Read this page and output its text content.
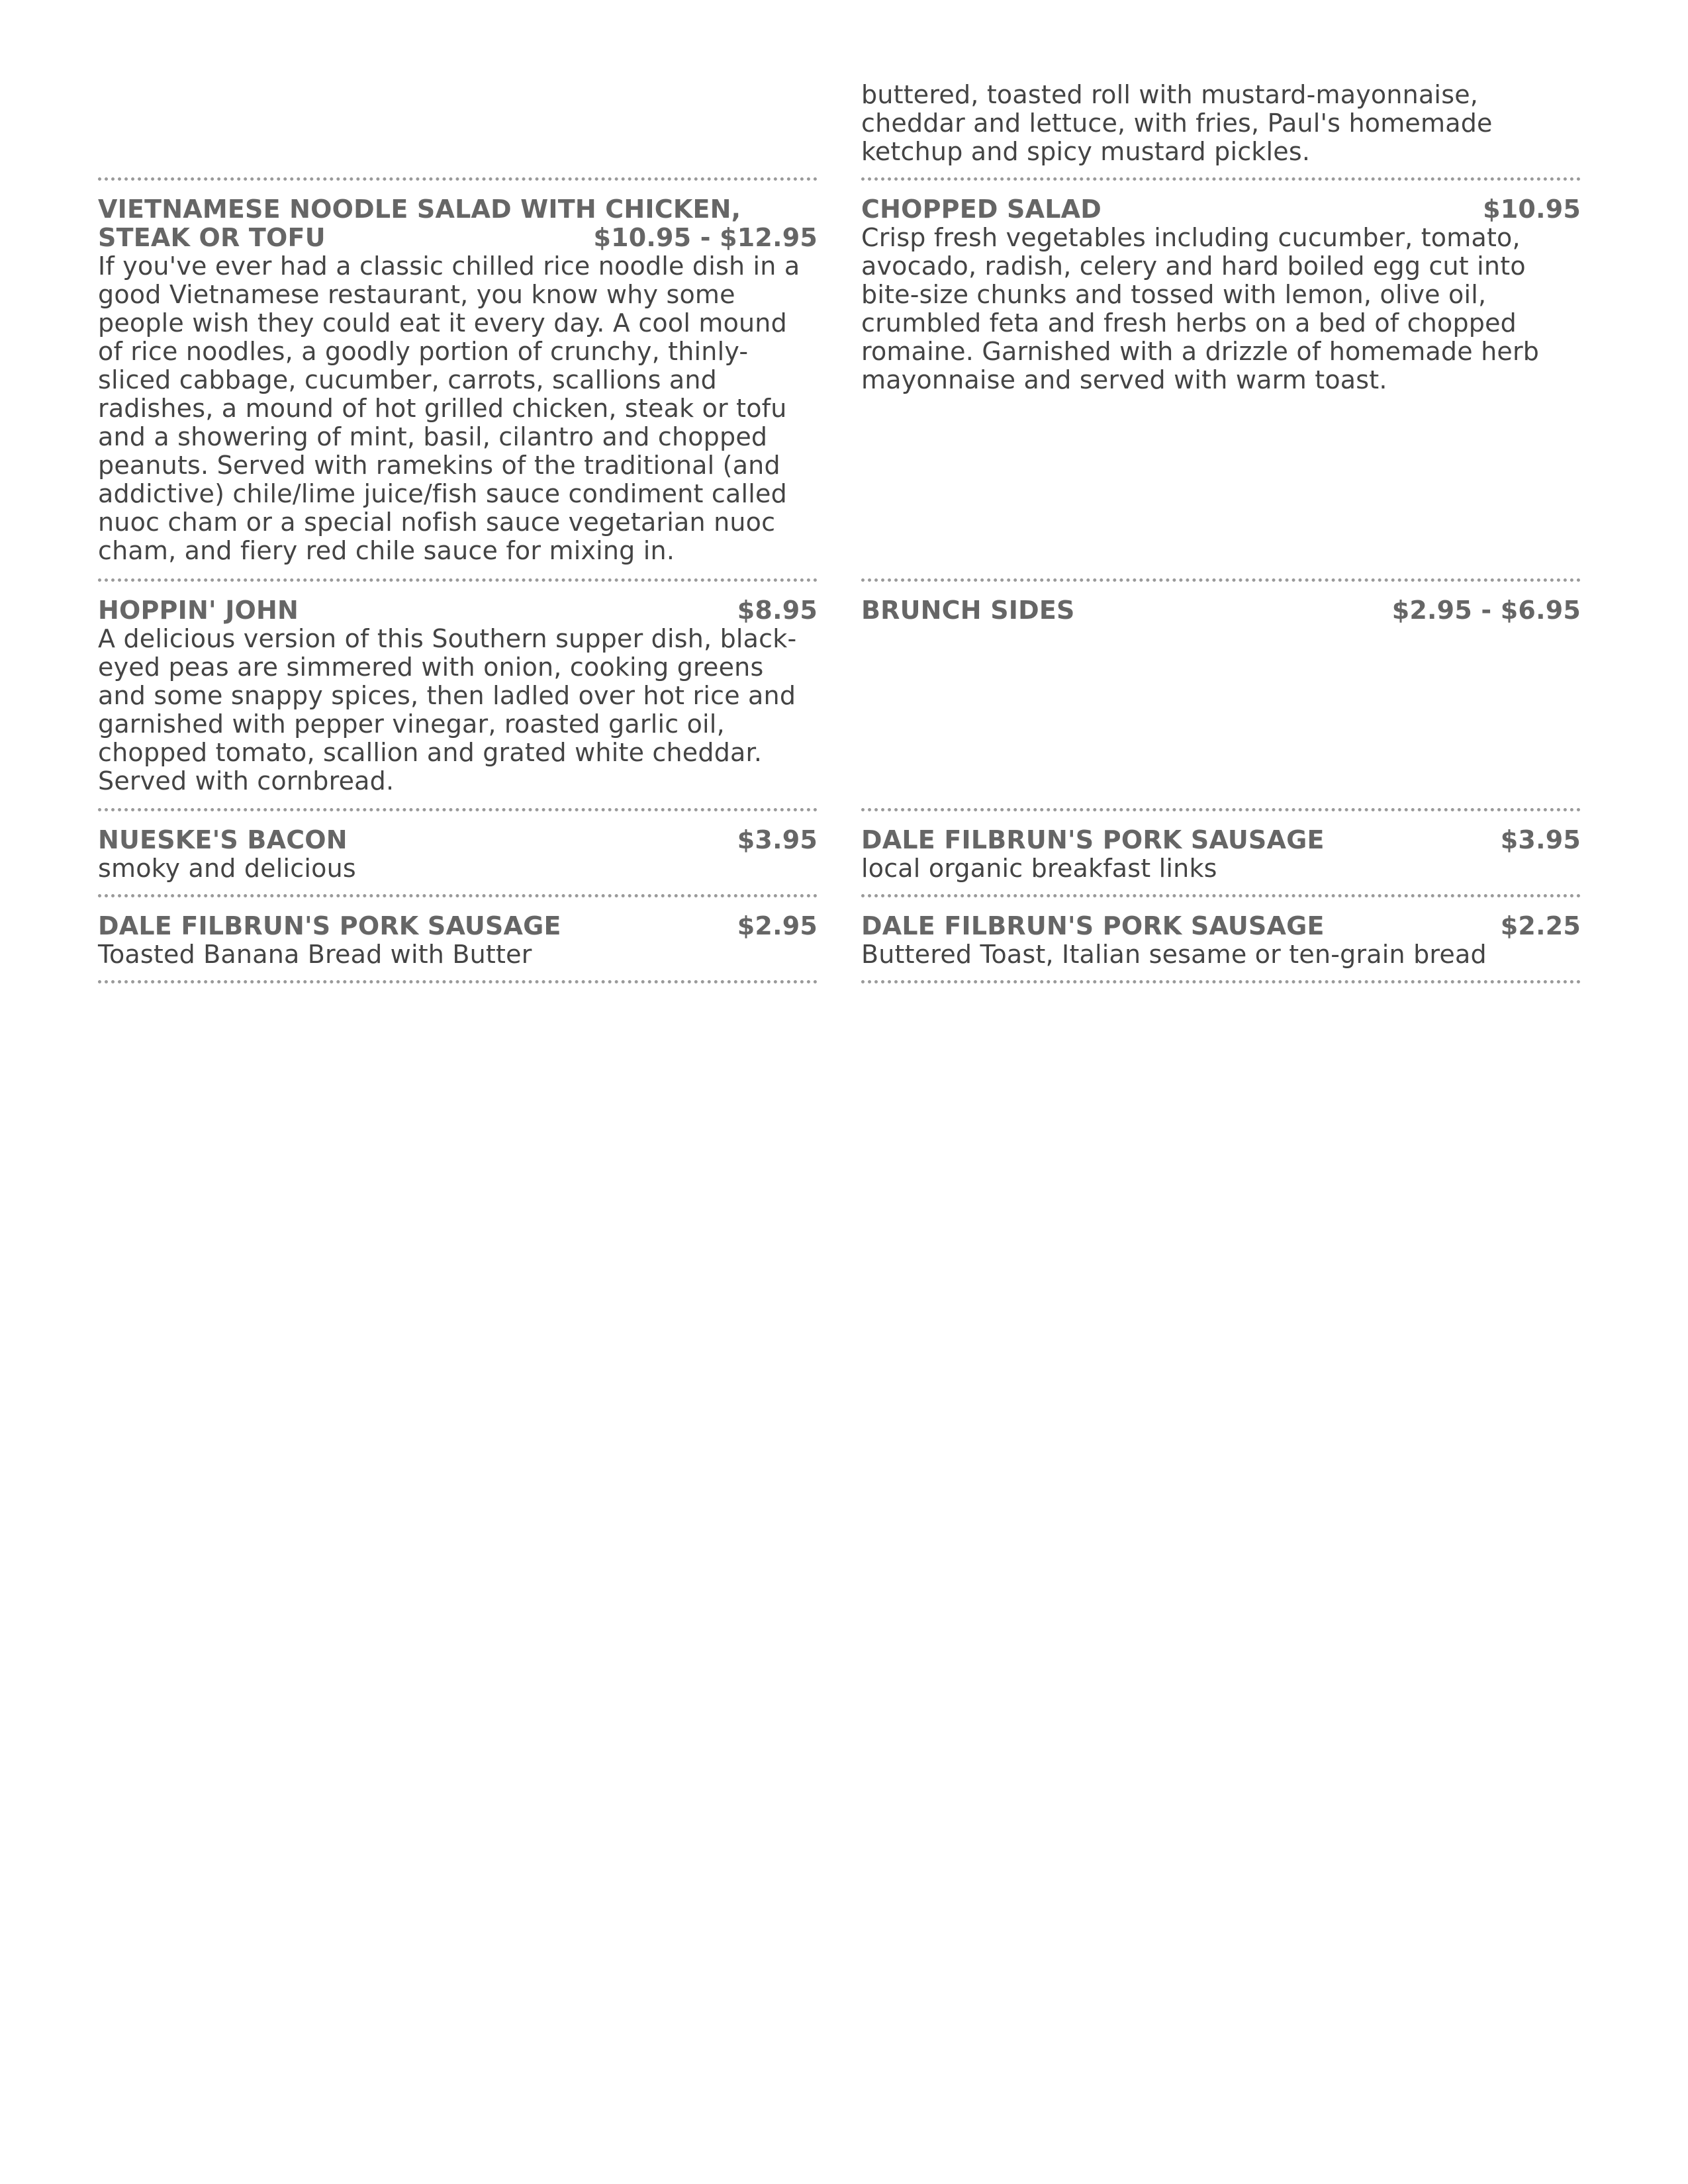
VIETNAMESE NOODLE SALAD WITH CHICKEN,
STEAK OR TOFU	$10.95 - $12.95
If you've ever had a classic chilled rice noodle dish in a good Vietnamese restaurant, you know why some people wish they could eat it every day. A cool mound of rice noodles, a goodly portion of crunchy, thinly-sliced cabbage, cucumber, carrots, scallions and radishes, a mound of hot grilled chicken, steak or tofu and a showering of mint, basil, cilantro and chopped peanuts. Served with ramekins of the traditional (and addictive) chile/lime juice/fish sauce condiment called nuoc cham or a special nofish sauce vegetarian nuoc cham, and fiery red chile sauce for mixing in.
HOPPIN' JOHN	$8.95
A delicious version of this Southern supper dish, black-eyed peas are simmered with onion, cooking greens and some snappy spices, then ladled over hot rice and garnished with pepper vinegar, roasted garlic oil, chopped tomato, scallion and grated white cheddar. Served with cornbread.
NUESKE'S BACON	$3.95
smoky and delicious
DALE FILBRUN'S PORK SAUSAGE	$2.95
Toasted Banana Bread with Butter
buttered, toasted roll with mustard-mayonnaise, cheddar and lettuce, with fries, Paul's homemade ketchup and spicy mustard pickles.
CHOPPED SALAD	$10.95
Crisp fresh vegetables including cucumber, tomato, avocado, radish, celery and hard boiled egg cut into bite-size chunks and tossed with lemon, olive oil, crumbled feta and fresh herbs on a bed of chopped romaine. Garnished with a drizzle of homemade herb mayonnaise and served with warm toast.
BRUNCH SIDES	$2.95 - $6.95
DALE FILBRUN'S PORK SAUSAGE	$3.95
local organic breakfast links
DALE FILBRUN'S PORK SAUSAGE	$2.25
Buttered Toast, Italian sesame or ten-grain bread
